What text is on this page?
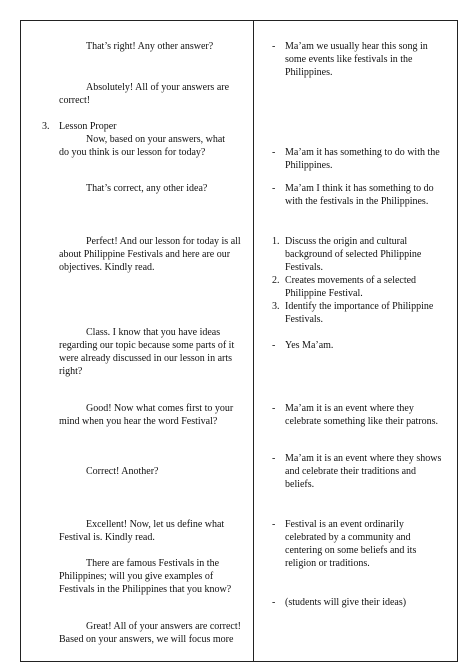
That’s right! Any other answer?
Absolutely! All of your answers are
correct!
3. Lesson Proper
Now, based on your answers, what
do you think is our lesson for today?
That’s correct, any other idea?
Perfect! And our lesson for today is all
about Philippine Festivals and here are our
objectives. Kindly read.
Class. I know that you have ideas
regarding our topic because some parts of it
were already discussed in our lesson in arts
right?
Good! Now what comes first to your
mind when you hear the word Festival?
Correct! Another?
Excellent! Now, let us define what
Festival is. Kindly read.
There are famous Festivals in the
Philippines; will you give examples of
Festivals in the Philippines that you know?
Great! All of your answers are correct!
Based on your answers, we will focus more
- Ma’am we usually hear this song in
some events like festivals in the
Philippines.
- Ma’am it has something to do with the
Philippines.
- Ma’am I think it has something to do
with the festivals in the Philippines.
1. Discuss the origin and cultural
background of selected Philippine
Festivals.
2. Creates movements of a selected
Philippine Festival.
3. Identify the importance of Philippine
Festivals.
- Yes Ma’am.
- Ma’am it is an event where they
celebrate something like their patrons.
- Ma’am it is an event where they shows
and celebrate their traditions and
beliefs.
- Festival is an event ordinarily
celebrated by a community and
centering on some beliefs and its
religion or traditions.
- (students will give their ideas)
